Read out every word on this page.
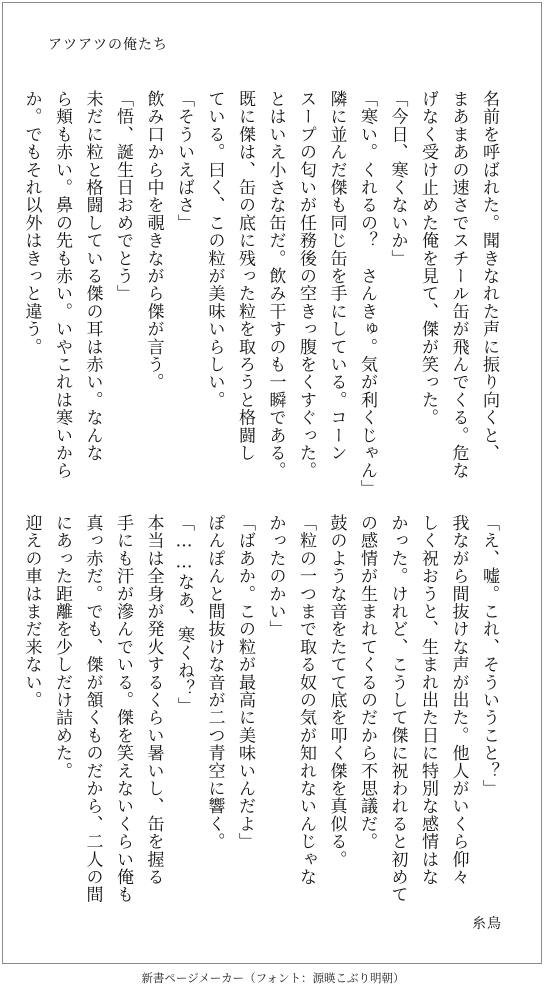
アツアツの俺たち
名前を呼ばれた。聞きなれた声に振り向くと、
まあまあの速さでスチール缶が飛んでくる。危な
げなく受け止めた俺を見て、傑が笑った。
「今日、寒くないか」
「寒い。くれるの？　さんきゅ。気が利くじゃん」
隣に並んだ傑も同じ缶を手にしている。コーン
スープの匂いが任務後の空きっ腹をくすぐった。
とはいえ小さな缶だ。飲み干すのも一瞬である。
既に傑は、缶の底に残った粒を取ろうと格闘し
ている。曰く、この粒が美味いらしい。
「そういえばさ」
飲み口から中を覗きながら傑が言う。
「悟、誕生日おめでとう」
未だに粒と格闘している傑の耳は赤い。なんな
ら頬も赤い。鼻の先も赤い。いやこれは寒いから
か。でもそれ以外はきっと違う。
「え、嘘。これ、そういうこと？」
我ながら間抜けな声が出た。他人がいくら仰々
しく祝おうと、生まれ出た日に特別な感情はな
かった。けれど、こうして傑に祝われると初めて
の感情が生まれてくるのだから不思議だ。
鼓のような音をたてて底を叩く傑を真似る。
「粒の一つまで取る奴の気が知れないんじゃな
かったのかい」
「ばあか。この粒が最高に美味いんだよ」
ぽんぽんと間抜けな音が二つ青空に響く。
「……なあ、寒くね？」
本当は全身が発火するくらい暑いし、缶を握る
手にも汗が滲んでいる。傑を笑えないくらい俺も
真っ赤だ。でも、傑が頷くものだから、二人の間
にあった距離を少しだけ詰めた。
迎えの車はまだ来ない。
糸鳥
新書ページメーカー（フォント：源暎こぶり明朝）
